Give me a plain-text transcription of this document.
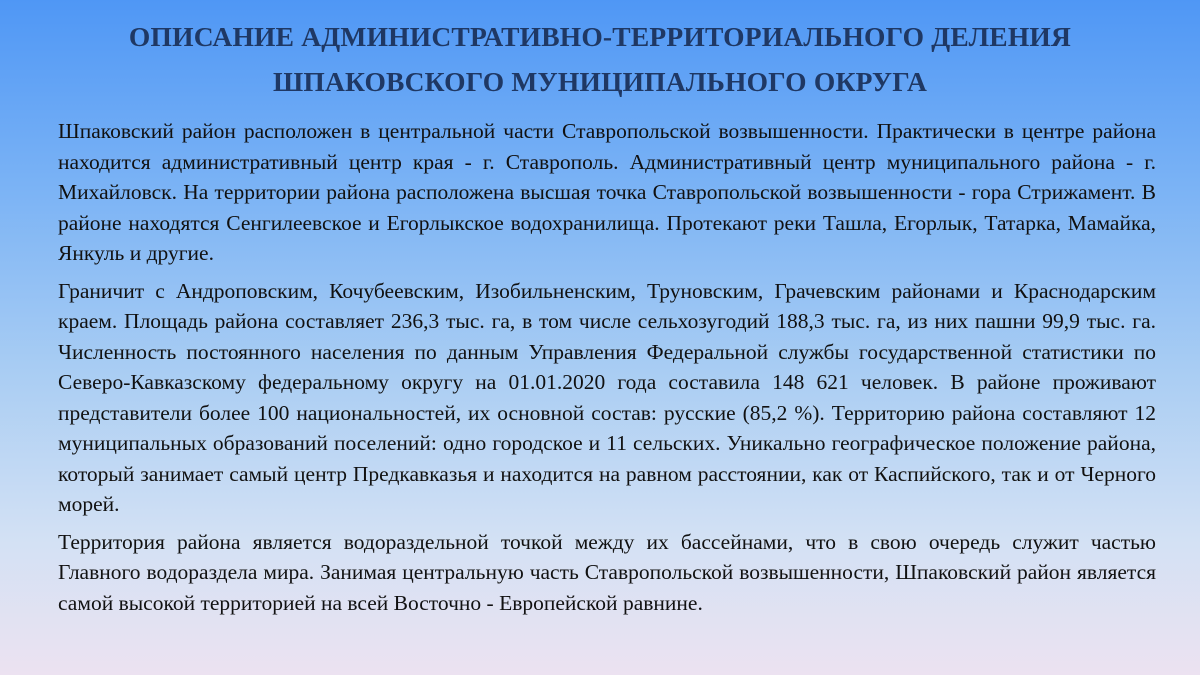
ОПИСАНИЕ АДМИНИСТРАТИВНО-ТЕРРИТОРИАЛЬНОГО ДЕЛЕНИЯ
ШПАКОВСКОГО МУНИЦИПАЛЬНОГО ОКРУГА

Шпаковский район расположен в центральной части Ставропольской возвышенности. Практически в центре района находится административный центр края - г. Ставрополь. Административный центр муниципального района - г. Михайловск. На территории района расположена высшая точка Ставропольской возвышенности - гора Стрижамент. В районе находятся Сенгилеевское и Егорлыкское водохранилища. Протекают реки Ташла, Егорлык, Татарка, Мамайка, Янкуль и другие.

Граничит с Андроповским, Кочубеевским, Изобильненским, Труновским, Грачевским районами и Краснодарским краем. Площадь района составляет 236,3 тыс. га, в том числе сельхозугодий 188,3 тыс. га, из них пашни 99,9 тыс. га. Численность постоянного населения по данным Управления Федеральной службы государственной статистики по Северо-Кавказскому федеральному округу на 01.01.2020 года составила 148 621 человек. В районе проживают представители более 100 национальностей, их основной состав: русские (85,2 %). Территорию района составляют 12 муниципальных образований поселений: одно городское и 11 сельских. Уникально географическое положение района, который занимает самый центр Предкавказья и находится на равном расстоянии, как от Каспийского, так и от Черного морей.

Территория района является водораздельной точкой между их бассейнами, что в свою очередь служит частью Главного водораздела мира. Занимая центральную часть Ставропольской возвышенности, Шпаковский район является самой высокой территорией на всей Восточно - Европейской равнине.
